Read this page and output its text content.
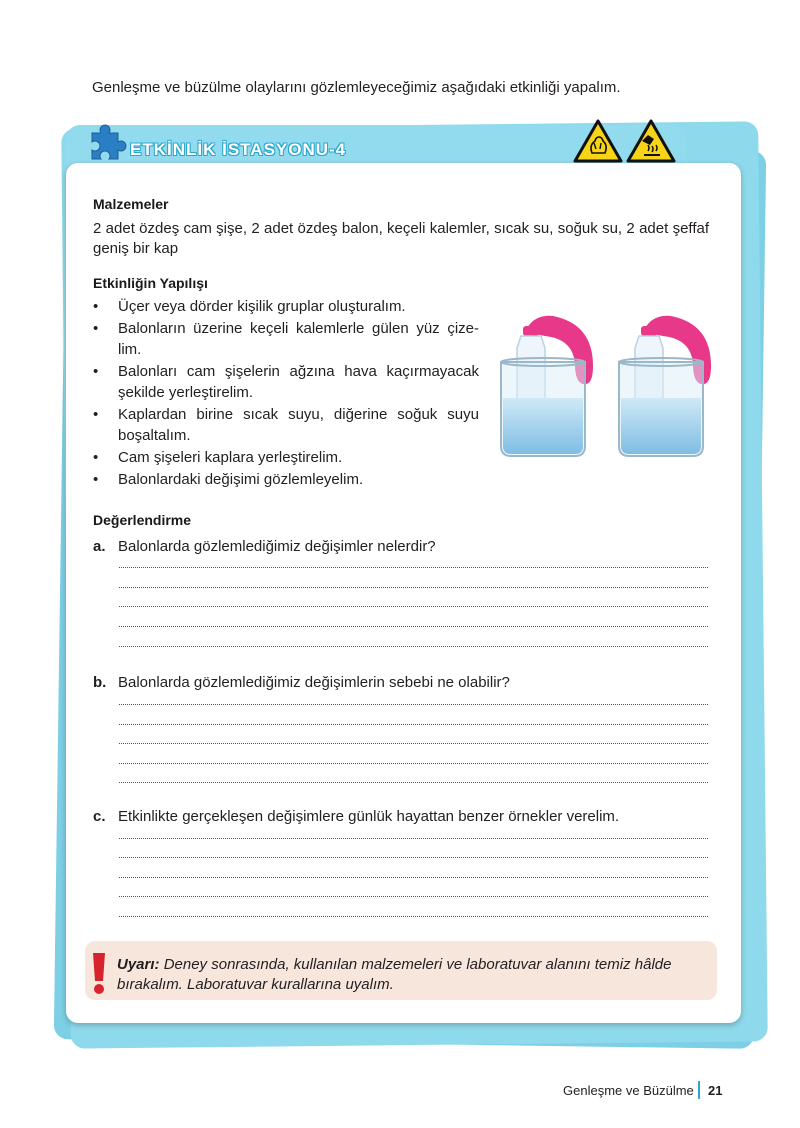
Genleşme ve büzülme olaylarını gözlemleyeceğimiz aşağıdaki etkinliği yapalım.
ETKİNLİK İSTASYONU-4
Malzemeler
2 adet özdeş cam şişe, 2 adet özdeş balon, keçeli kalemler, sıcak su, soğuk su, 2 adet şeffaf geniş bir kap
Etkinliğin Yapılışı
• Üçer veya dörder kişilik gruplar oluşturalım.
• Balonların üzerine keçeli kalemlerle gülen yüz çize-lim.
• Balonları cam şişelerin ağzına hava kaçırmayacak şekilde yerleştirelim.
• Kaplardan birine sıcak suyu, diğerine soğuk suyu boşaltalım.
• Cam şişeleri kaplara yerleştirelim.
• Balonlardaki değişimi gözlemleyelim.
Değerlendirme
a. Balonlarda gözlemlediğimiz değişimler nelerdir?
b. Balonlarda gözlemlediğimiz değişimlerin sebebi ne olabilir?
c. Etkinlikte gerçekleşen değişimlere günlük hayattan benzer örnekler verelim.
Uyarı: Deney sonrasında, kullanılan malzemeleri ve laboratuvar alanını temiz hâlde bırakalım. Laboratuvar kurallarına uyalım.
Genleşme ve Büzülme 21
